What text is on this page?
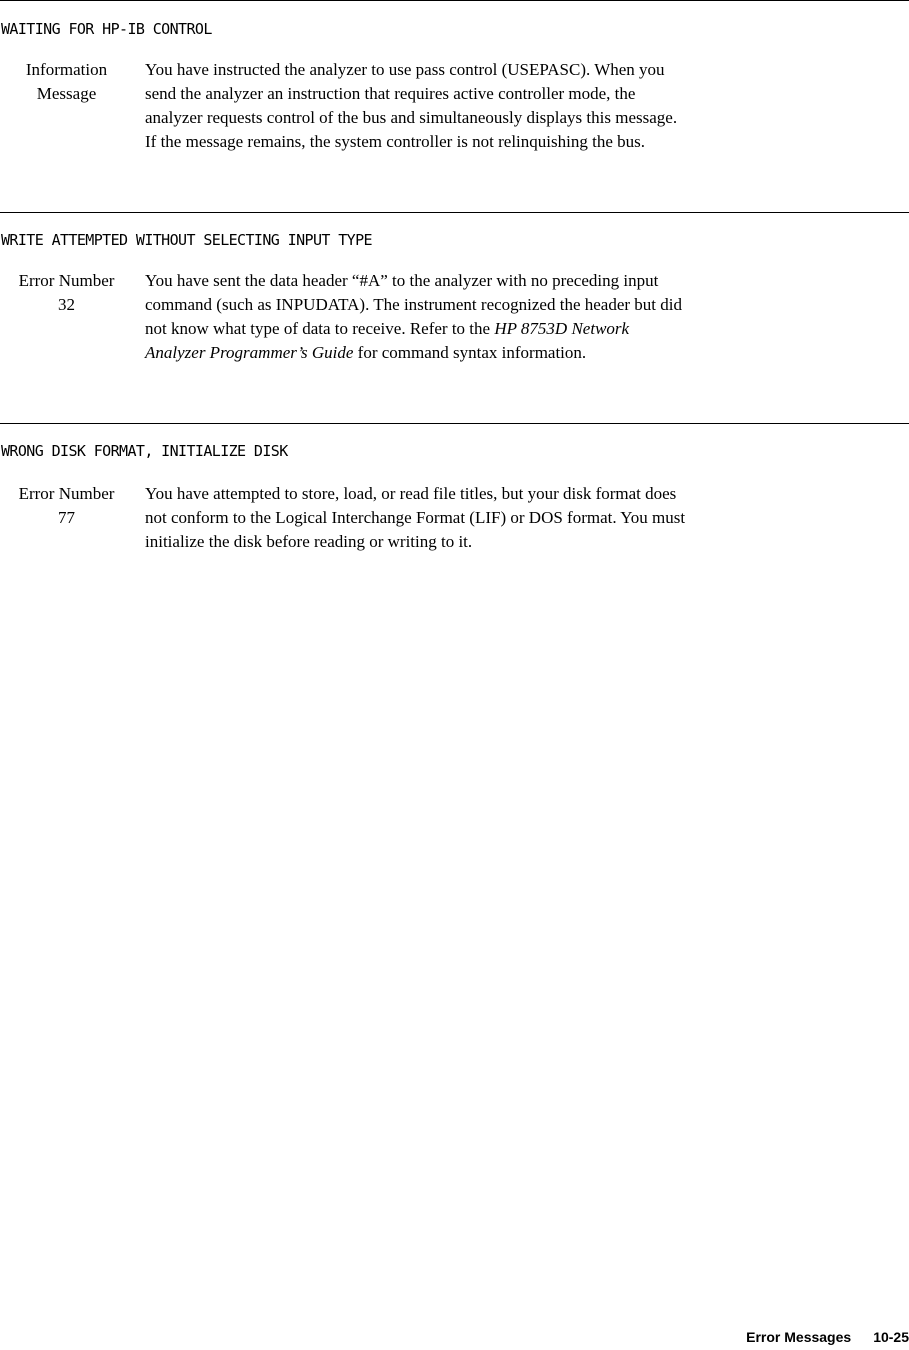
WAITING FOR HP-IB CONTROL
Information
Message
You have instructed the analyzer to use pass control (USEPASC). When you
send the analyzer an instruction that requires active controller mode, the
analyzer requests control of the bus and simultaneously displays this message.
If the message remains, the system controller is not relinquishing the bus.
WRITE ATTEMPTED WITHOUT SELECTING INPUT TYPE
Error Number
32
You have sent the data header “#A” to the analyzer with no preceding input
command (such as INPUDATA). The instrument recognized the header but did
not know what type of data to receive. Refer to the HP 8753D Network
Analyzer Programmer’s Guide for command syntax information.
WRONG DISK FORMAT, INITIALIZE DISK
Error Number
77
You have attempted to store, load, or read file titles, but your disk format does
not conform to the Logical Interchange Format (LIF) or DOS format. You must
initialize the disk before reading or writing to it.
Error Messages 10-25
